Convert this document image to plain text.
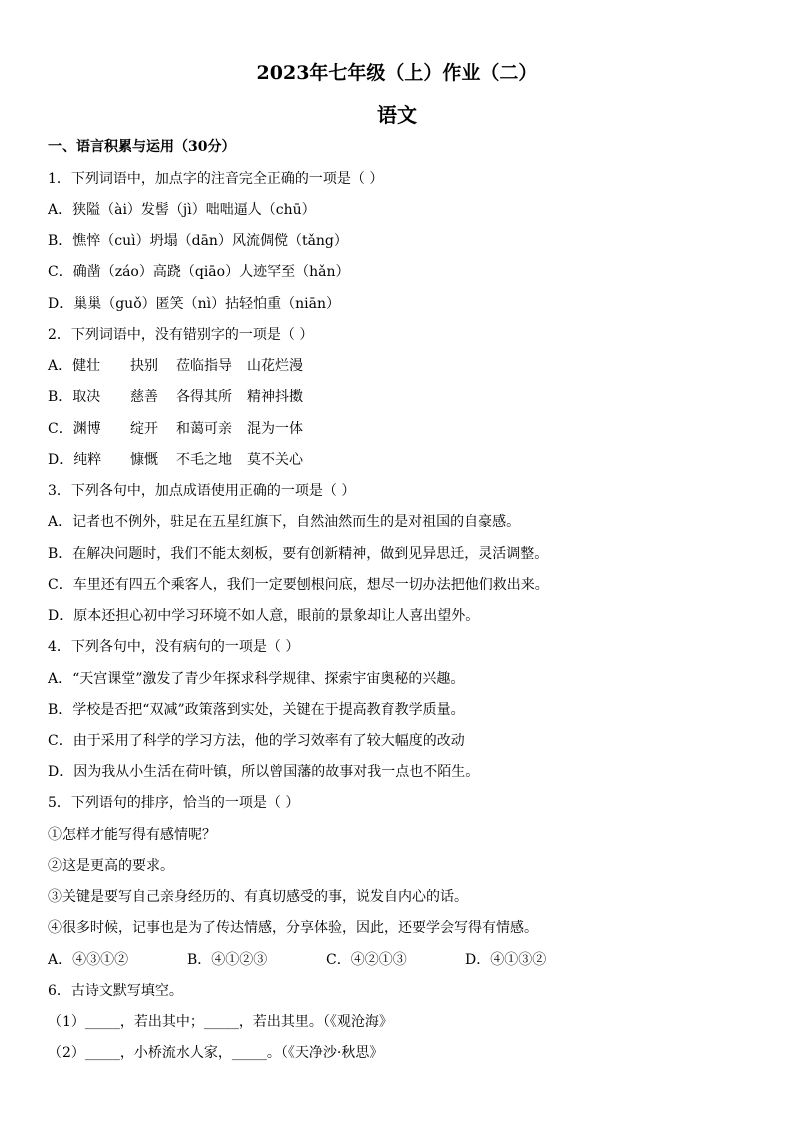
2023年七年级（上）作业（二）
语文
一、语言积累与运用（30分）
1．下列词语中，加点字的注音完全正确的一项是（ ）
A．狭隘（ài）发髻（jì）咄咄逼人（chū）
B．憔悴（cuì）坍塌（dān）风流倜傥（tǎng）
C．确凿（záo）高跷（qiāo）人迹罕至（hǎn）
D．巢巢（guǒ）匿笑（nì）拈轻怕重（niān）
2．下列词语中，没有错别字的一项是（ ）
A．健壮 抉别 莅临指导 山花烂漫
B．取决 慈善 各得其所 精神抖擞
C．渊博 绽开 和蔼可亲 混为一体
D．纯粹 慷慨 不毛之地 莫不关心
3．下列各句中，加点成语使用正确的一项是（ ）
A．记者也不例外，驻足在五星红旗下，自然油然而生的是对祖国的自豪感。
B．在解决问题时，我们不能太刻板，要有创新精神，做到见异思迁，灵活调整。
C．车里还有四五个乘客人，我们一定要刨根问底，想尽一切办法把他们救出来。
D．原本还担心初中学习环境不如人意，眼前的景象却让人喜出望外。
4．下列各句中，没有病句的一项是（ ）
A．“天宫课堂”激发了青少年探求科学规律、探索宇宙奥秘的兴趣。
B．学校是否把“双减”政策落到实处，关键在于提高教育教学质量。
C．由于采用了科学的学习方法，他的学习效率有了较大幅度的改动
D．因为我从小生活在荷叶镇，所以曾国藩的故事对我一点也不陌生。
5．下列语句的排序，恰当的一项是（ ）
①怎样才能写得有感情呢？
②这是更高的要求。
③关键是要写自己亲身经历的、有真切感受的事，说发自内心的话。
④很多时候，记事也是为了传达情感，分享体验，因此，还要学会写得有情感。
A．④③①②	B．④①②③	C．④②①③	D．④①③②
6．古诗文默写填空。
（1）_____，若出其中；_____，若出其里。（《观沧海》
（2）_____，小桥流水人家，_____。（《天净沙·秋思》
